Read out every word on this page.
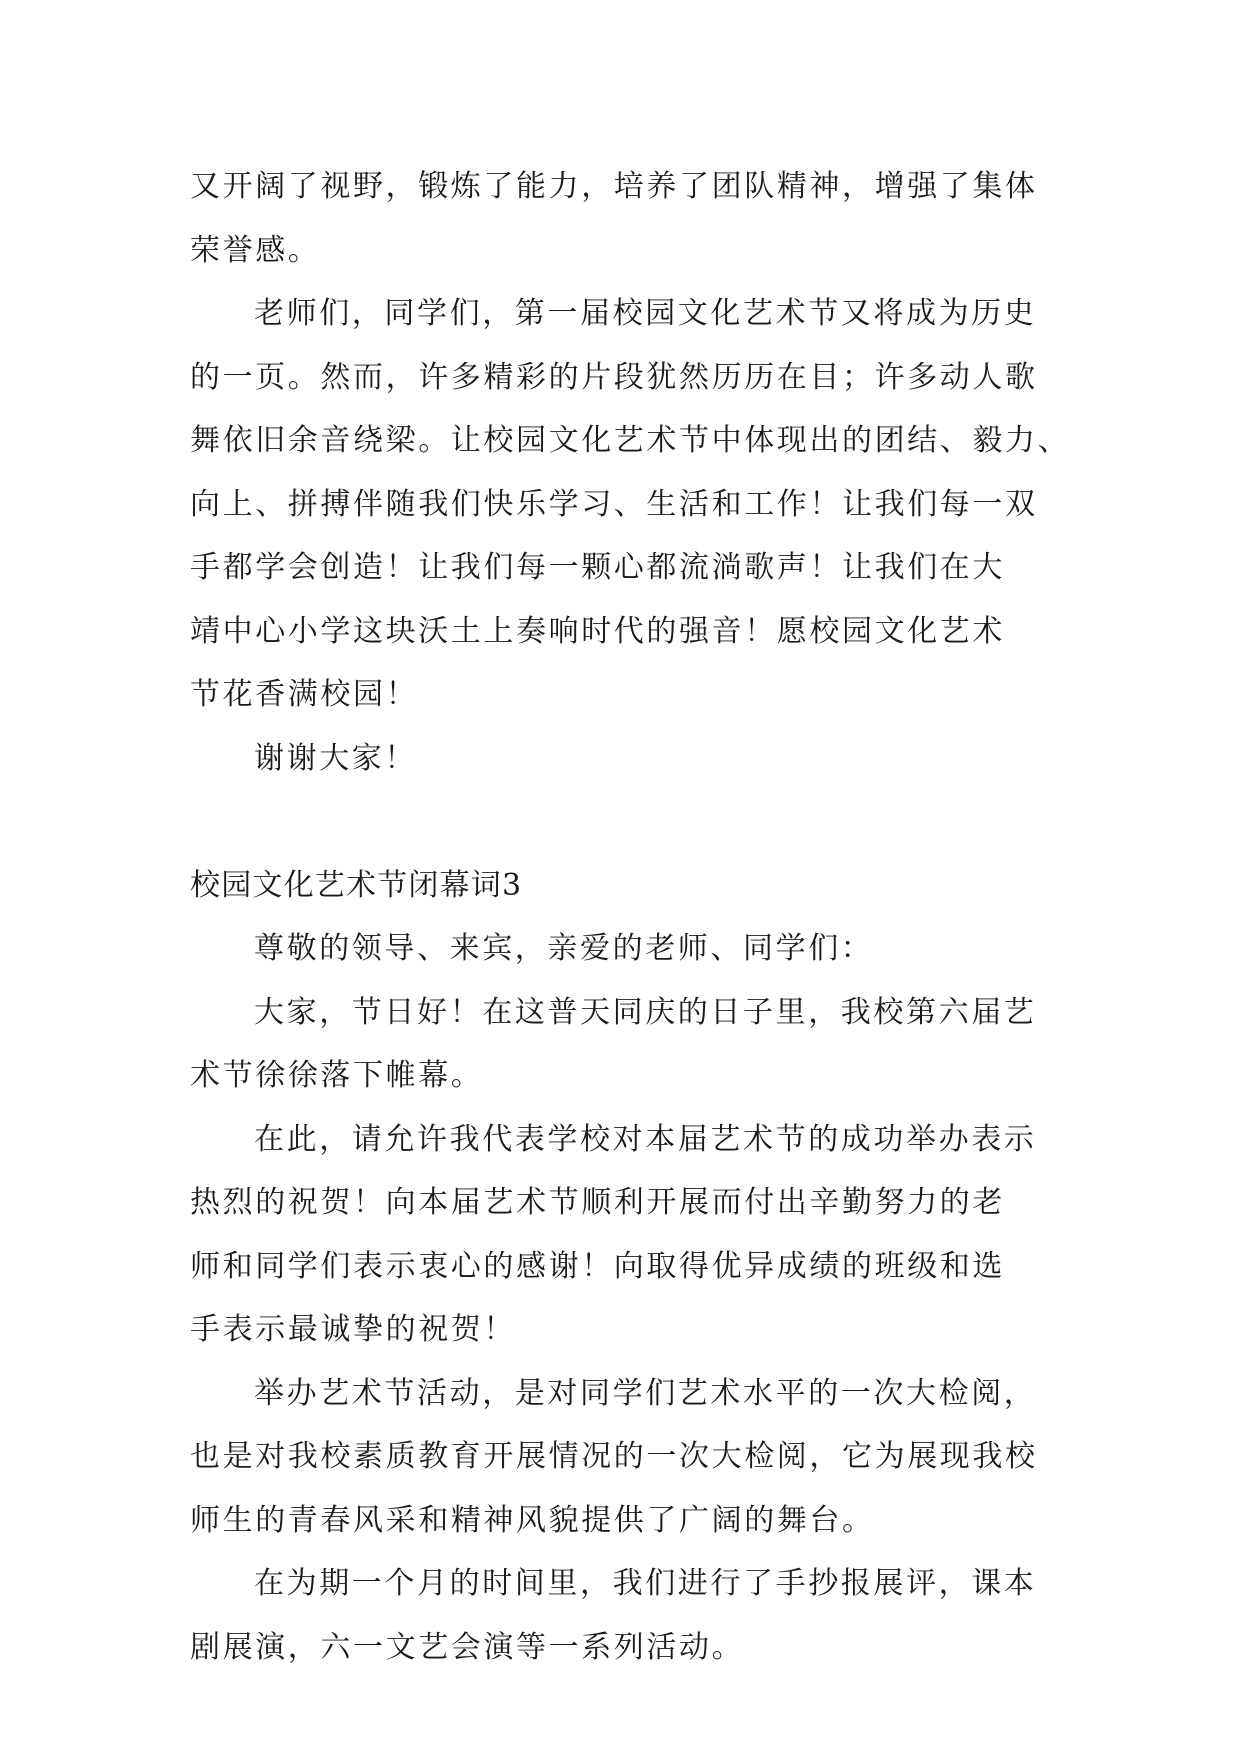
又开阔了视野，锻炼了能力，培养了团队精神，增强了集体
荣誉感。
老师们，同学们，第一届校园文化艺术节又将成为历史
的一页。然而，许多精彩的片段犹然历历在目；许多动人歌
舞依旧余音绕梁。让校园文化艺术节中体现出的团结、毅力、
向上、拼搏伴随我们快乐学习、生活和工作！让我们每一双
手都学会创造！让我们每一颗心都流淌歌声！让我们在大
靖中心小学这块沃土上奏响时代的强音！愿校园文化艺术
节花香满校园！
谢谢大家！
校园文化艺术节闭幕词3
尊敬的领导、来宾，亲爱的老师、同学们：
大家，节日好！在这普天同庆的日子里，我校第六届艺
术节徐徐落下帷幕。
在此，请允许我代表学校对本届艺术节的成功举办表示
热烈的祝贺！向本届艺术节顺利开展而付出辛勤努力的老
师和同学们表示衷心的感谢！向取得优异成绩的班级和选
手表示最诚挚的祝贺！
举办艺术节活动，是对同学们艺术水平的一次大检阅，
也是对我校素质教育开展情况的一次大检阅，它为展现我校
师生的青春风采和精神风貌提供了广阔的舞台。
在为期一个月的时间里，我们进行了手抄报展评，课本
剧展演，六一文艺会演等一系列活动。
